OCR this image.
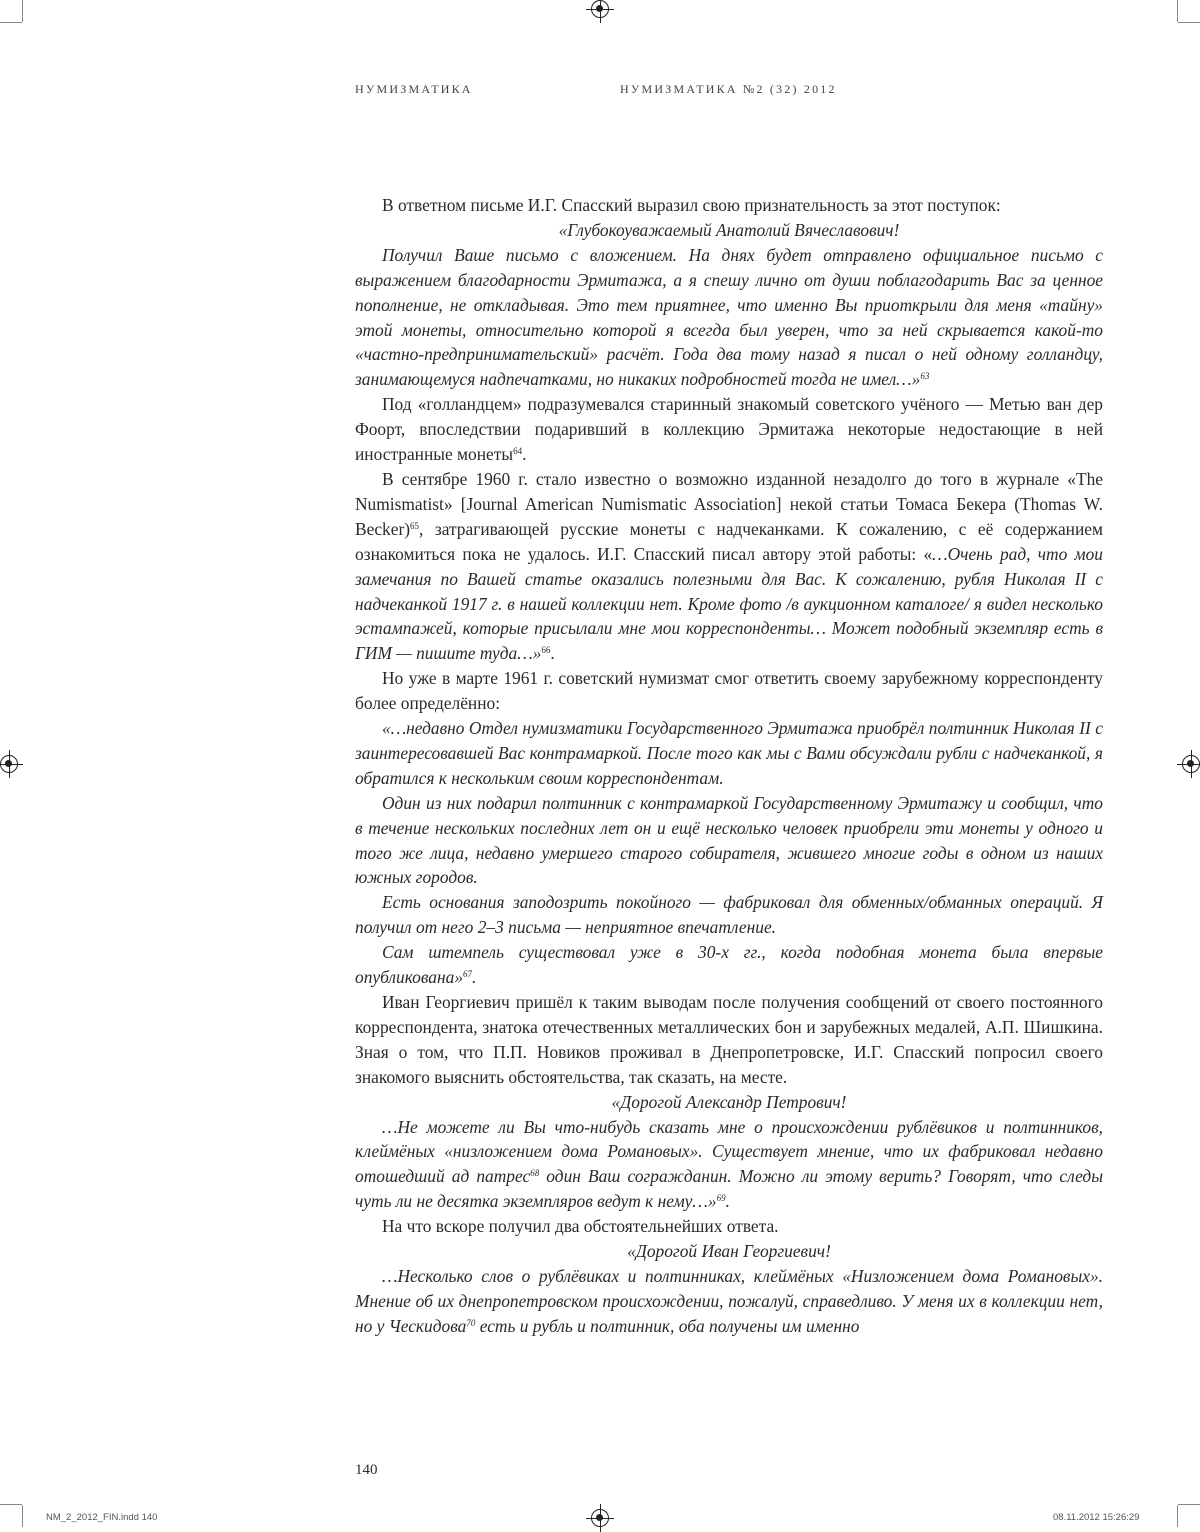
НУМИЗМАТИКА	НУМИЗМАТИКА №2 (32) 2012

В ответном письме И.Г. Спасский выразил свою признательность за этот поступок:

«Глубокоуважаемый Анатолий Вячеславович!

Получил Ваше письмо с вложением. На днях будет отправлено официальное письмо с выражением благодарности Эрмитажа, а я спешу лично от души поблагодарить Вас за ценное пополнение, не откладывая. Это тем приятнее, что именно Вы приоткрыли для меня «тайну» этой монеты, относительно которой я всегда был уверен, что за ней скрывается какой-то «частно-предпринимательский» расчёт. Года два тому назад я писал о ней одному голландцу, занимающемуся надпечатками, но никаких подробностей тогда не имел…»$^{63}$

Под «голландцем» подразумевался старинный знакомый советского учёного — Метью ван дер Фоорт, впоследствии подаривший в коллекцию Эрмитажа некоторые недостающие в ней иностранные монеты$^{64}$.

В сентябре 1960 г. стало известно о возможно изданной незадолго до того в журнале «The Numismatist» [Journal American Numismatic Association] некой статьи Томаса Бекера (Thomas W. Becker)$^{65}$, затрагивающей русские монеты с надчеканками. К сожалению, с её содержанием ознакомиться пока не удалось. И.Г. Спасский писал автору этой работы: «…Очень рад, что мои замечания по Вашей статье оказались полезными для Вас. К сожалению, рубля Николая II с надчеканкой 1917 г. в нашей коллекции нет. Кроме фото /в аукционном каталоге/ я видел несколько эстампажей, которые присылали мне мои корреспонденты… Может подобный экземпляр есть в ГИМ — пишите туда…»$^{66}$.

Но уже в марте 1961 г. советский нумизмат смог ответить своему зарубежному корреспонденту более определённо:

«…недавно Отдел нумизматики Государственного Эрмитажа приобрёл полтинник Николая II с заинтересовавшей Вас контрамаркой. После того как мы с Вами обсуждали рубли с надчеканкой, я обратился к нескольким своим корреспондентам.

Один из них подарил полтинник с контрамаркой Государственному Эрмитажу и сообщил, что в течение нескольких последних лет он и ещё несколько человек приобрели эти монеты у одного и того же лица, недавно умершего старого собирателя, жившего многие годы в одном из наших южных городов.

Есть основания заподозрить покойного — фабриковал для обменных/обманных операций. Я получил от него 2–3 письма — неприятное впечатление.

Сам штемпель существовал уже в 30-х гг., когда подобная монета была впервые опубликована»$^{67}$.

Иван Георгиевич пришёл к таким выводам после получения сообщений от своего постоянного корреспондента, знатока отечественных металлических бон и зарубежных медалей, А.П. Шишкина. Зная о том, что П.П. Новиков проживал в Днепропетровске, И.Г. Спасский попросил своего знакомого выяснить обстоятельства, так сказать, на месте.

«Дорогой Александр Петрович!

…Не можете ли Вы что-нибудь сказать мне о происхождении рублёвиков и полтинников, клеймёных «низложением дома Романовых». Существует мнение, что их фабриковал недавно отошедший ад патрес$^{68}$ один Ваш согражданин. Можно ли этому верить? Говорят, что следы чуть ли не десятка экземпляров ведут к нему…»$^{69}$.

На что вскоре получил два обстоятельнейших ответа.

«Дорогой Иван Георгиевич!

…Несколько слов о рублёвиках и полтинниках, клеймёных «Низложением дома Романовых». Мнение об их днепропетровском происхождении, пожалуй, справедливо. У меня их в коллекции нет, но у Ческидова$^{70}$ есть и рубль и полтинник, оба получены им именно

140
NM_2_2012_FIN.indd 140	08.11.2012 15:26:29
